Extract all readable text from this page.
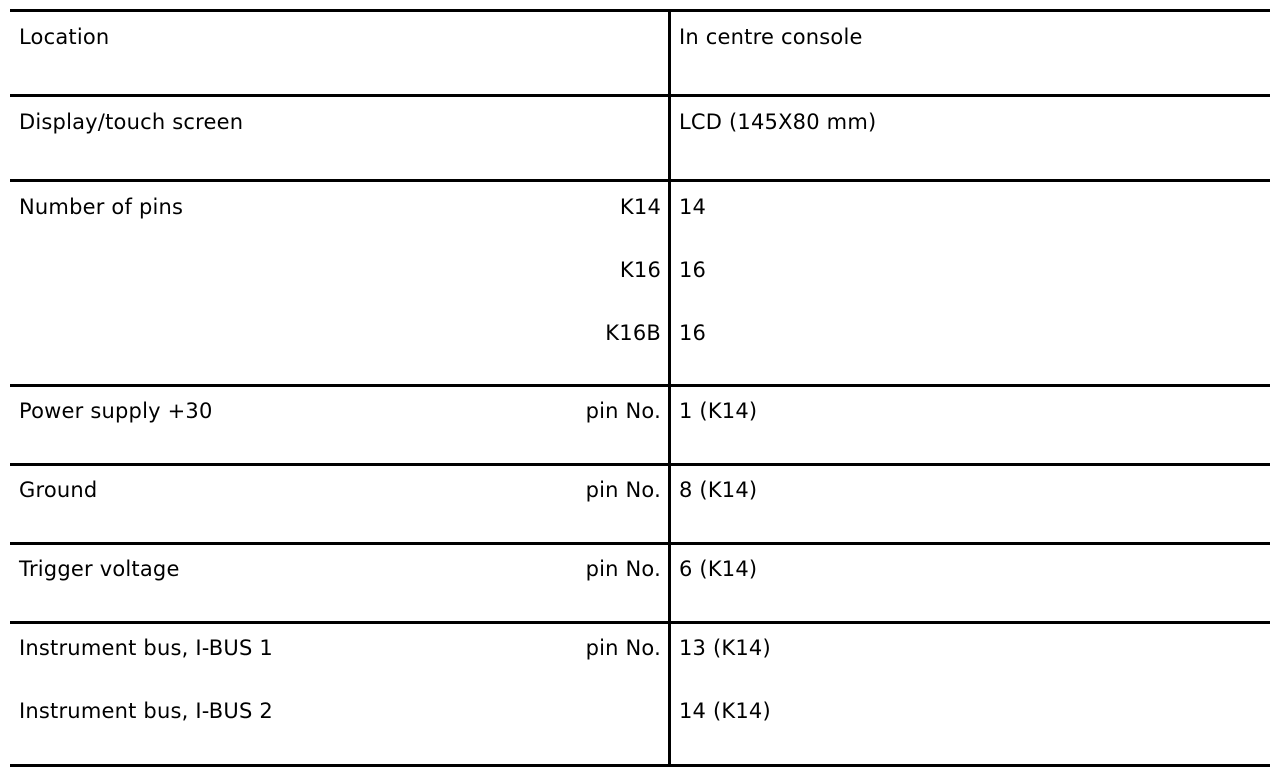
Location	In centre console
Display/touch screen	LCD (145X80 mm)
Number of pins	K14 14
K16 16
K16B 16
Power supply +30	pin No. 1 (K14)
Ground	pin No. 8 (K14)
Trigger voltage	pin No. 6 (K14)
Instrument bus, I-BUS 1	pin No. 13 (K14)
Instrument bus, I-BUS 2	14 (K14)
